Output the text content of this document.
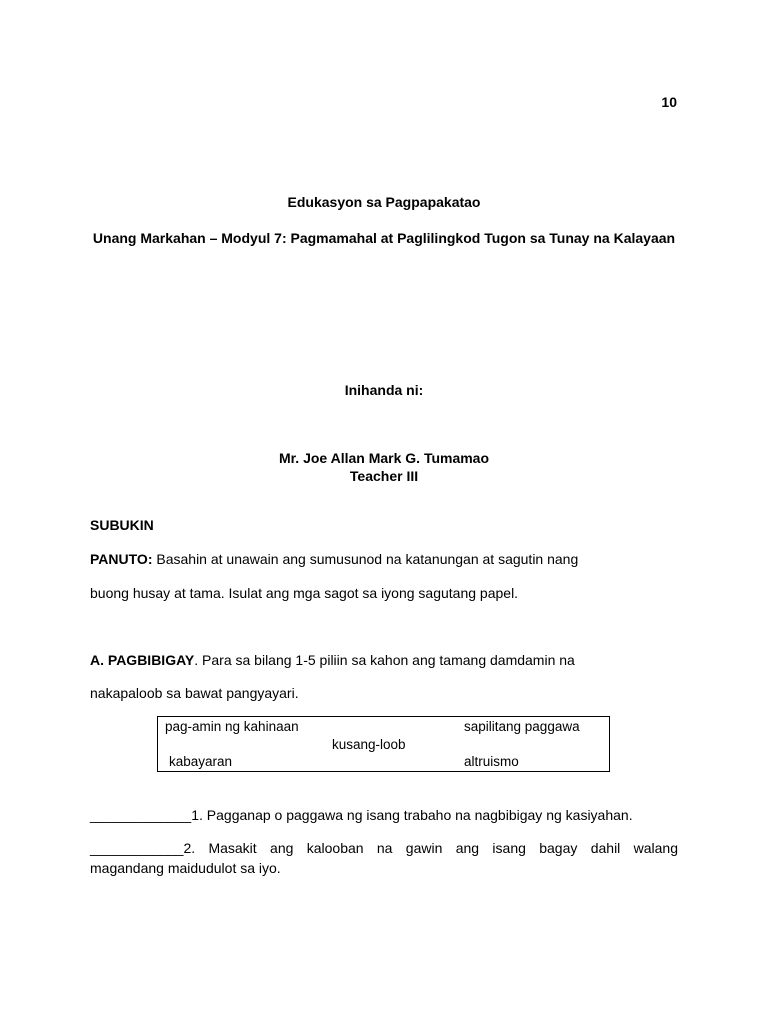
10
Edukasyon sa Pagpapakatao
Unang Markahan – Modyul 7: Pagmamahal at Paglilingkod Tugon sa Tunay na Kalayaan
Inihanda ni:
Mr. Joe Allan Mark G. Tumamao
Teacher III
SUBUKIN
PANUTO: Basahin at unawain ang sumusunod na katanungan at sagutin nang
buong husay at tama. Isulat ang mga sagot sa iyong sagutang papel.
A. PAGBIBIGAY. Para sa bilang 1-5 piliin sa kahon ang tamang damdamin na
nakapaloob sa bawat pangyayari.
pag-amin ng kahinaan	sapilitang paggawa
kusang-loob
kabayaran	altruismo
_____________1. Pagganap o paggawa ng isang trabaho na nagbibigay ng kasiyahan.
____________2. Masakit ang kalooban na gawin ang isang bagay dahil walang
magandang maidudulot sa iyo.
